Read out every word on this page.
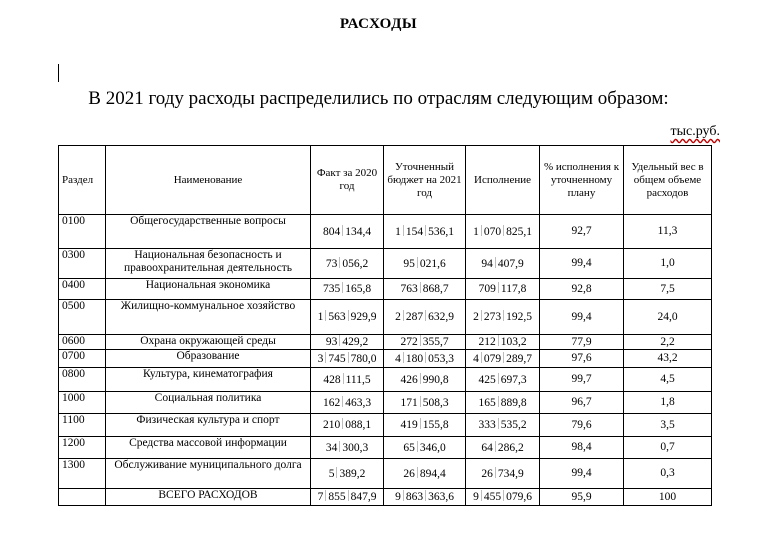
РАСХОДЫ
В 2021 году расходы распределились по отраслям следующим образом:
тыс.руб.
Раздел	Наименование	Факт за 2020 год	Уточненный бюджет на 2021 год	Исполнение	% исполнения к уточненному плану	Удельный вес в общем объеме расходов
0100	Общегосударственные вопросы	804 134,4	1 154 536,1	1 070 825,1	92,7	11,3
0300	Национальная безопасность и правоохранительная деятельность	73 056,2	95 021,6	94 407,9	99,4	1,0
0400	Национальная экономика	735 165,8	763 868,7	709 117,8	92,8	7,5
0500	Жилищно-коммунальное хозяйство	1 563 929,9	2 287 632,9	2 273 192,5	99,4	24,0
0600	Охрана окружающей среды	93 429,2	272 355,7	212 103,2	77,9	2,2
0700	Образование	3 745 780,0	4 180 053,3	4 079 289,7	97,6	43,2
0800	Культура, кинематография	428 111,5	426 990,8	425 697,3	99,7	4,5
1000	Социальная политика	162 463,3	171 508,3	165 889,8	96,7	1,8
1100	Физическая культура и спорт	210 088,1	419 155,8	333 535,2	79,6	3,5
1200	Средства массовой информации	34 300,3	65 346,0	64 286,2	98,4	0,7
1300	Обслуживание муниципального долга	5 389,2	26 894,4	26 734,9	99,4	0,3
	ВСЕГО РАСХОДОВ	7 855 847,9	9 863 363,6	9 455 079,6	95,9	100
